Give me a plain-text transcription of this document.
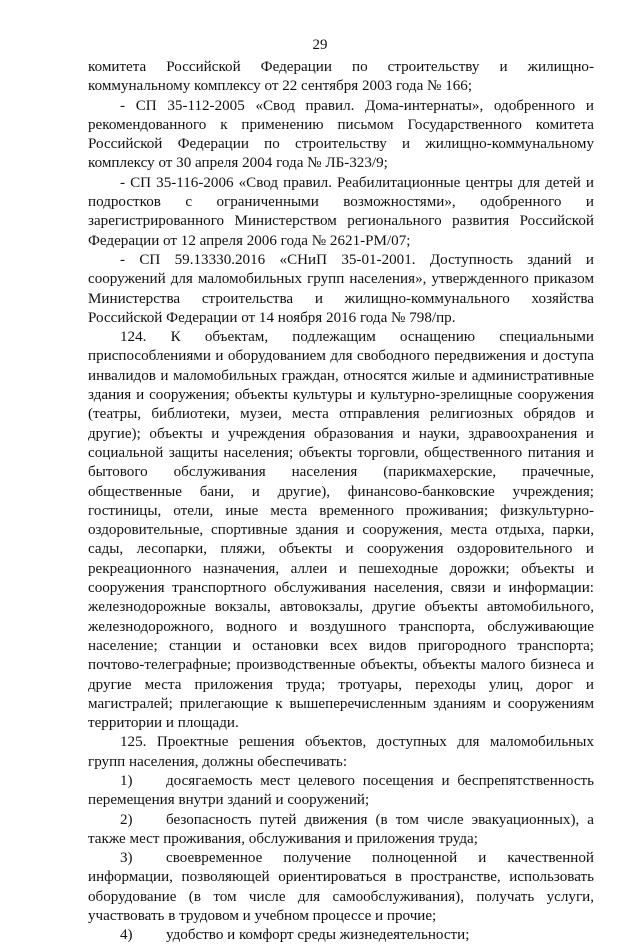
29

комитета Российской Федерации по строительству и жилищно-коммунальному комплексу от 22 сентября 2003 года № 166;

- СП 35-112-2005 «Свод правил. Дома-интернаты», одобренного и рекомендованного к применению письмом Государственного комитета Российской Федерации по строительству и жилищно-коммунальному комплексу от 30 апреля 2004 года № ЛБ-323/9;

- СП 35-116-2006 «Свод правил. Реабилитационные центры для детей и подростков с ограниченными возможностями», одобренного и зарегистрированного Министерством регионального развития Российской Федерации от 12 апреля 2006 года № 2621-РМ/07;

- СП 59.13330.2016 «СНиП 35-01-2001. Доступность зданий и сооружений для маломобильных групп населения», утвержденного приказом Министерства строительства и жилищно-коммунального хозяйства Российской Федерации от 14 ноября 2016 года № 798/пр.

124. К объектам, подлежащим оснащению специальными приспособлениями и оборудованием для свободного передвижения и доступа инвалидов и маломобильных граждан, относятся жилые и административные здания и сооружения; объекты культуры и культурно-зрелищные сооружения (театры, библиотеки, музеи, места отправления религиозных обрядов и другие); объекты и учреждения образования и науки, здравоохранения и социальной защиты населения; объекты торговли, общественного питания и бытового обслуживания населения (парикмахерские, прачечные, общественные бани, и другие), финансово-банковские учреждения; гостиницы, отели, иные места временного проживания; физкультурно-оздоровительные, спортивные здания и сооружения, места отдыха, парки, сады, лесопарки, пляжи, объекты и сооружения оздоровительного и рекреационного назначения, аллеи и пешеходные дорожки; объекты и сооружения транспортного обслуживания населения, связи и информации: железнодорожные вокзалы, автовокзалы, другие объекты автомобильного, железнодорожного, водного и воздушного транспорта, обслуживающие население; станции и остановки всех видов пригородного транспорта; почтово-телеграфные; производственные объекты, объекты малого бизнеса и другие места приложения труда; тротуары, переходы улиц, дорог и магистралей; прилегающие к вышеперечисленным зданиям и сооружениям территории и площади.

125. Проектные решения объектов, доступных для маломобильных групп населения, должны обеспечивать:

1) досягаемость мест целевого посещения и беспрепятственность перемещения внутри зданий и сооружений;

2) безопасность путей движения (в том числе эвакуационных), а также мест проживания, обслуживания и приложения труда;

3) своевременное получение полноценной и качественной информации, позволяющей ориентироваться в пространстве, использовать оборудование (в том числе для самообслуживания), получать услуги, участвовать в трудовом и учебном процессе и прочие;

4) удобство и комфорт среды жизнедеятельности;
